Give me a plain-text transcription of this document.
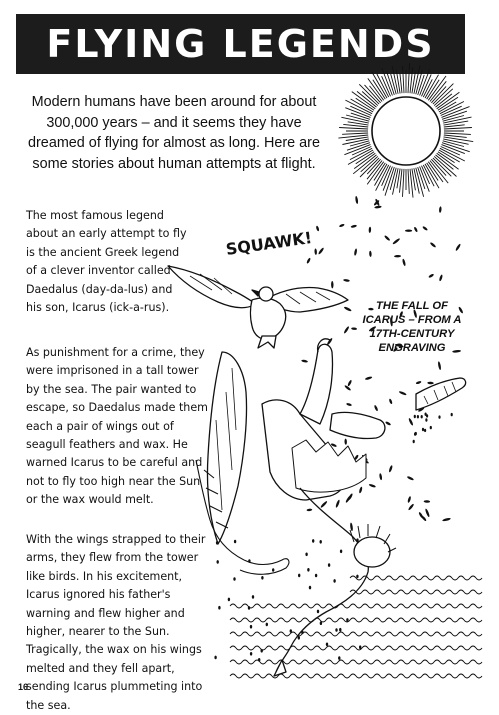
FLYING LEGENDS
Modern humans have been around for about 300,000 years – and it seems they have dreamed of flying for almost as long. Here are some stories about human attempts at flight.
The most famous legend about an early attempt to fly is the ancient Greek legend of a clever inventor called Daedalus (day-da-lus) and his son, Icarus (ick-a-rus).
As punishment for a crime, they were imprisoned in a tall tower by the sea. The pair wanted to escape, so Daedalus made them each a pair of wings out of seagull feathers and wax. He warned Icarus to be careful and not to fly too high near the Sun or the wax would melt.
With the wings strapped to their arms, they flew from the tower like birds. In his excitement, Icarus ignored his father's warning and flew higher and higher, nearer to the Sun. Tragically, the wax on his wings melted and they fell apart, sending Icarus plummeting into the sea.
SQUAWK!
THE FALL OF ICARUS – FROM A 17TH-CENTURY ENGRAVING
16
